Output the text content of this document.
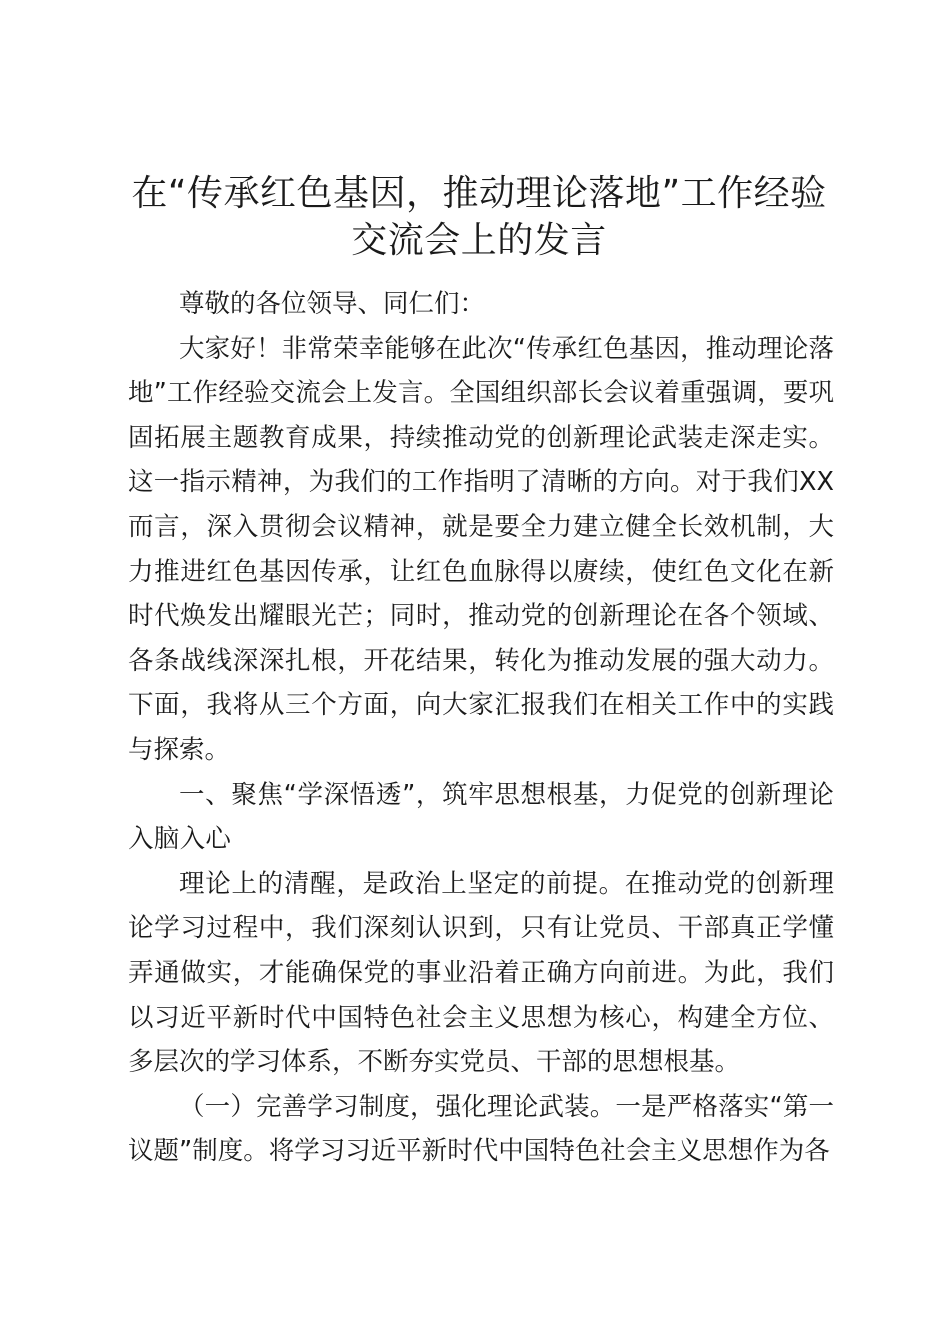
在“传承红色基因，推动理论落地”工作经验交流会上的发言

尊敬的各位领导、同仁们：

大家好！非常荣幸能够在此次“传承红色基因，推动理论落地”工作经验交流会上发言。全国组织部长会议着重强调，要巩固拓展主题教育成果，持续推动党的创新理论武装走深走实。这一指示精神，为我们的工作指明了清晰的方向。对于我们XX而言，深入贯彻会议精神，就是要全力建立健全长效机制，大力推进红色基因传承，让红色血脉得以赓续，使红色文化在新时代焕发出耀眼光芒；同时，推动党的创新理论在各个领域、各条战线深深扎根，开花结果，转化为推动发展的强大动力。下面，我将从三个方面，向大家汇报我们在相关工作中的实践与探索。

一、聚焦“学深悟透”，筑牢思想根基，力促党的创新理论入脑入心

理论上的清醒，是政治上坚定的前提。在推动党的创新理论学习过程中，我们深刻认识到，只有让党员、干部真正学懂弄通做实，才能确保党的事业沿着正确方向前进。为此，我们以习近平新时代中国特色社会主义思想为核心，构建全方位、多层次的学习体系，不断夯实党员、干部的思想根基。

（一）完善学习制度，强化理论武装。一是严格落实“第一议题”制度。将学习习近平新时代中国特色社会主义思想作为各
